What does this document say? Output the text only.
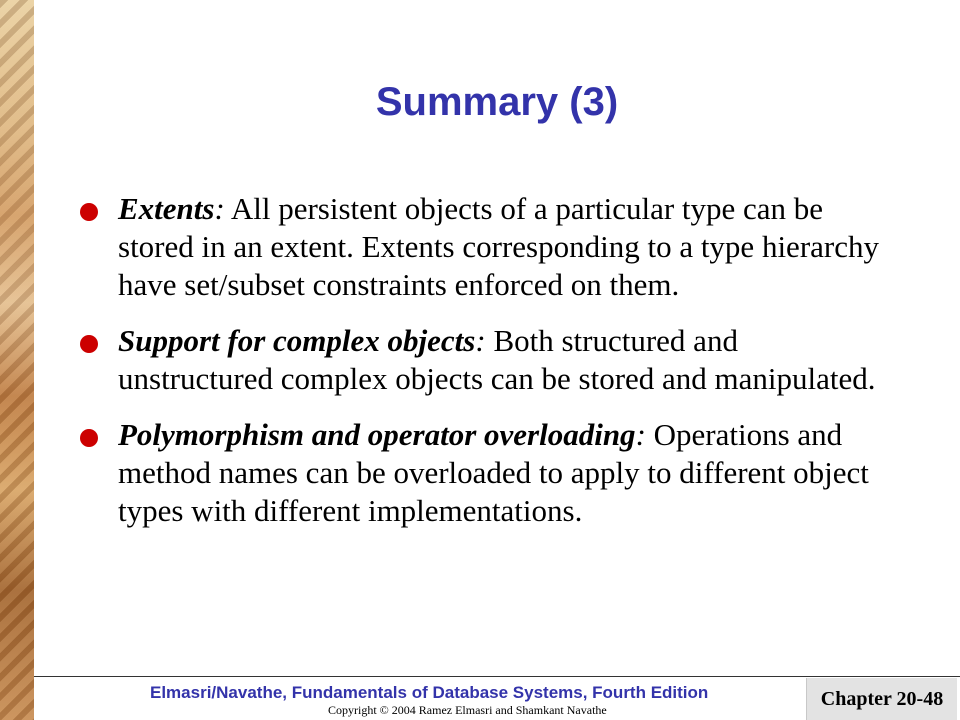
Summary (3)
Extents: All persistent objects of a particular type can be stored in an extent. Extents corresponding to a type hierarchy have set/subset constraints enforced on them.
Support for complex objects: Both structured and unstructured complex objects can be stored and manipulated.
Polymorphism and operator overloading: Operations and method names can be overloaded to apply to different object types with different implementations.
Elmasri/Navathe, Fundamentals of Database Systems, Fourth Edition
Copyright © 2004 Ramez Elmasri and Shamkant Navathe
Chapter 20-48
